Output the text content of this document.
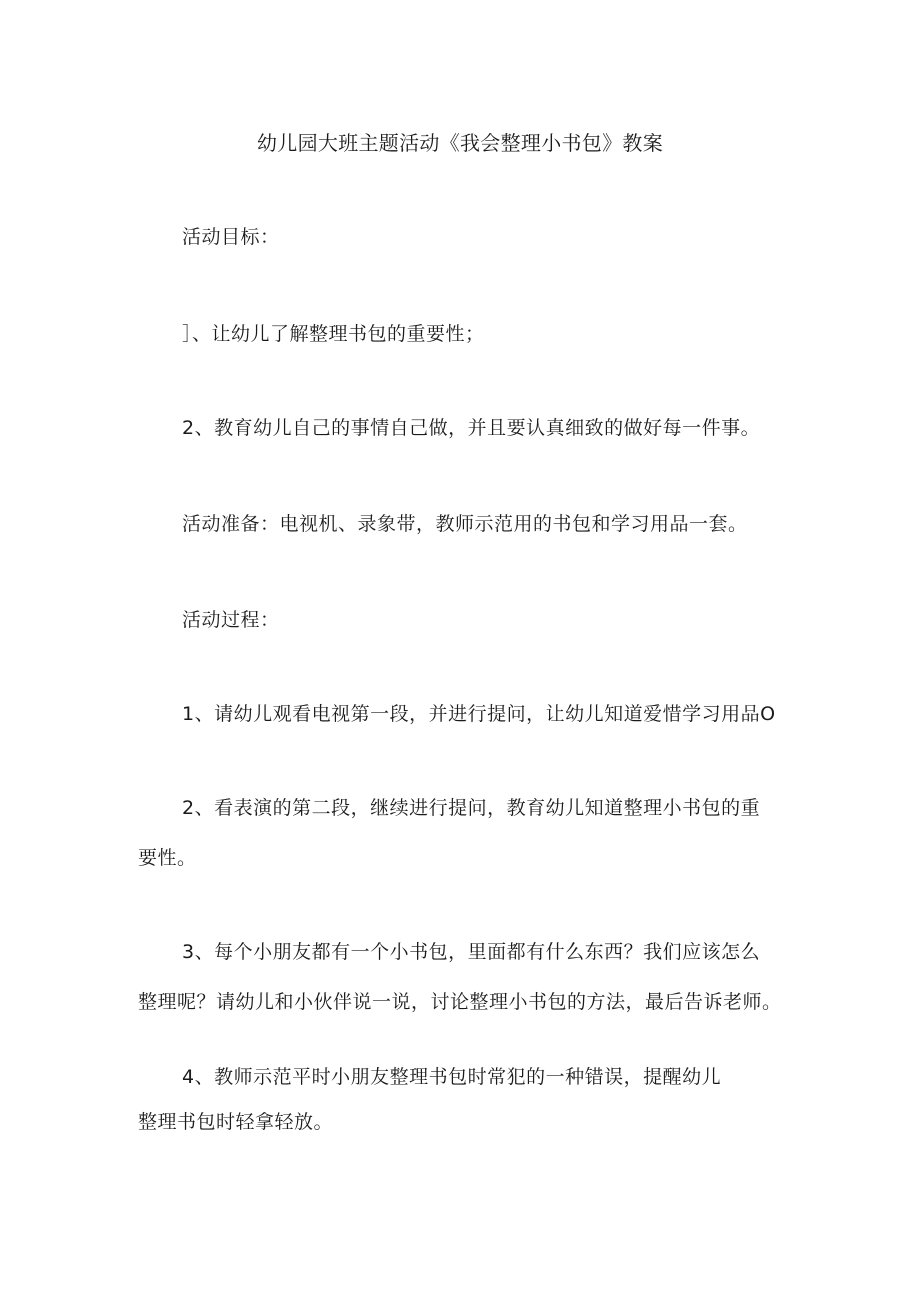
幼儿园大班主题活动《我会整理小书包》教案
活动目标：
］、让幼儿了解整理书包的重要性；
2、教育幼儿自己的事情自己做，并且要认真细致的做好每一件事。
活动准备：电视机、录象带，教师示范用的书包和学习用品一套。
活动过程：
1、请幼儿观看电视第一段，并进行提问，让幼儿知道爱惜学习用品O
2、看表演的第二段，继续进行提问，教育幼儿知道整理小书包的重
要性。
3、每个小朋友都有一个小书包，里面都有什么东西？我们应该怎么
整理呢？请幼儿和小伙伴说一说，讨论整理小书包的方法，最后告诉老师。
4、教师示范平时小朋友整理书包时常犯的一种错误，提醒幼儿
整理书包时轻拿轻放。
